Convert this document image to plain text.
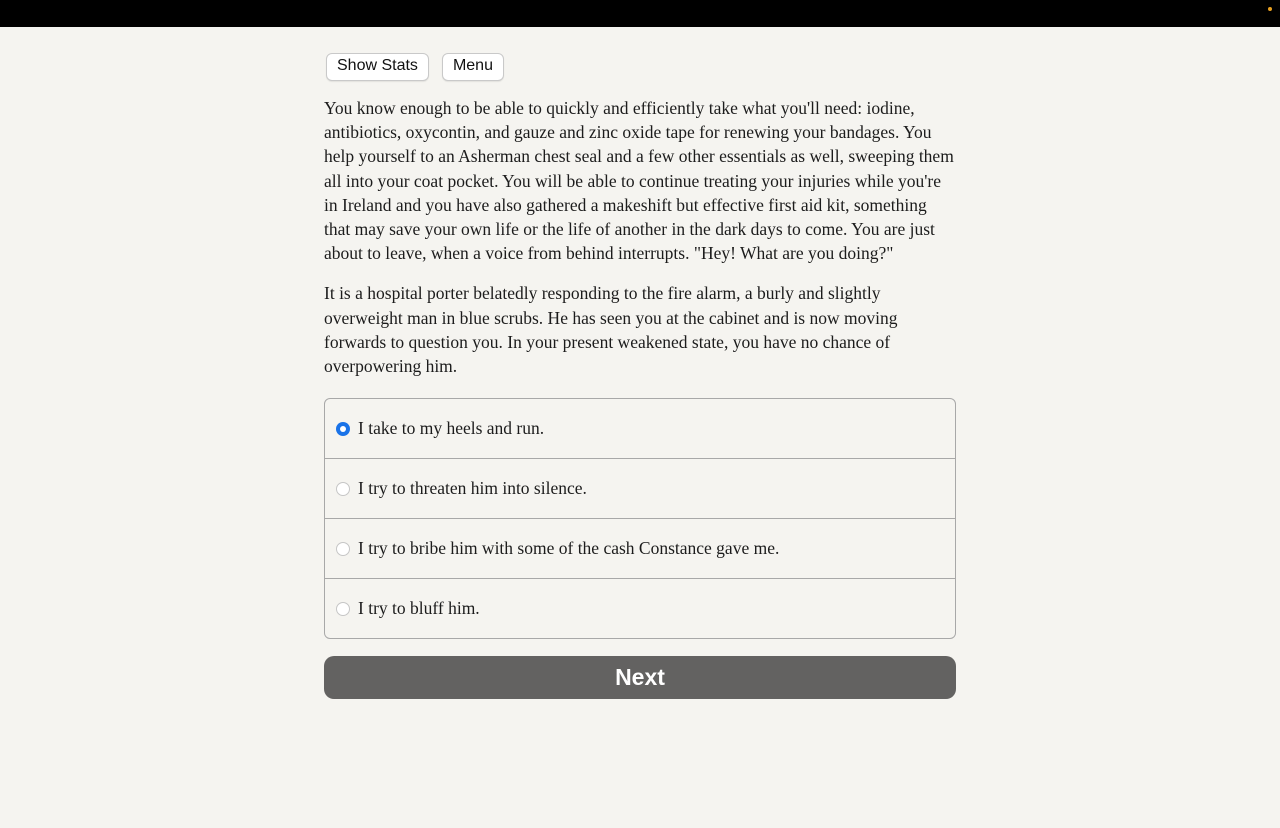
Show Stats	Menu

You know enough to be able to quickly and efficiently take what you'll need: iodine, antibiotics, oxycontin, and gauze and zinc oxide tape for renewing your bandages. You help yourself to an Asherman chest seal and a few other essentials as well, sweeping them all into your coat pocket. You will be able to continue treating your injuries while you're in Ireland and you have also gathered a makeshift but effective first aid kit, something that may save your own life or the life of another in the dark days to come. You are just about to leave, when a voice from behind interrupts. "Hey! What are you doing?"

It is a hospital porter belatedly responding to the fire alarm, a burly and slightly overweight man in blue scrubs. He has seen you at the cabinet and is now moving forwards to question you. In your present weakened state, you have no chance of overpowering him.

I take to my heels and run.
I try to threaten him into silence.
I try to bribe him with some of the cash Constance gave me.
I try to bluff him.
Next
